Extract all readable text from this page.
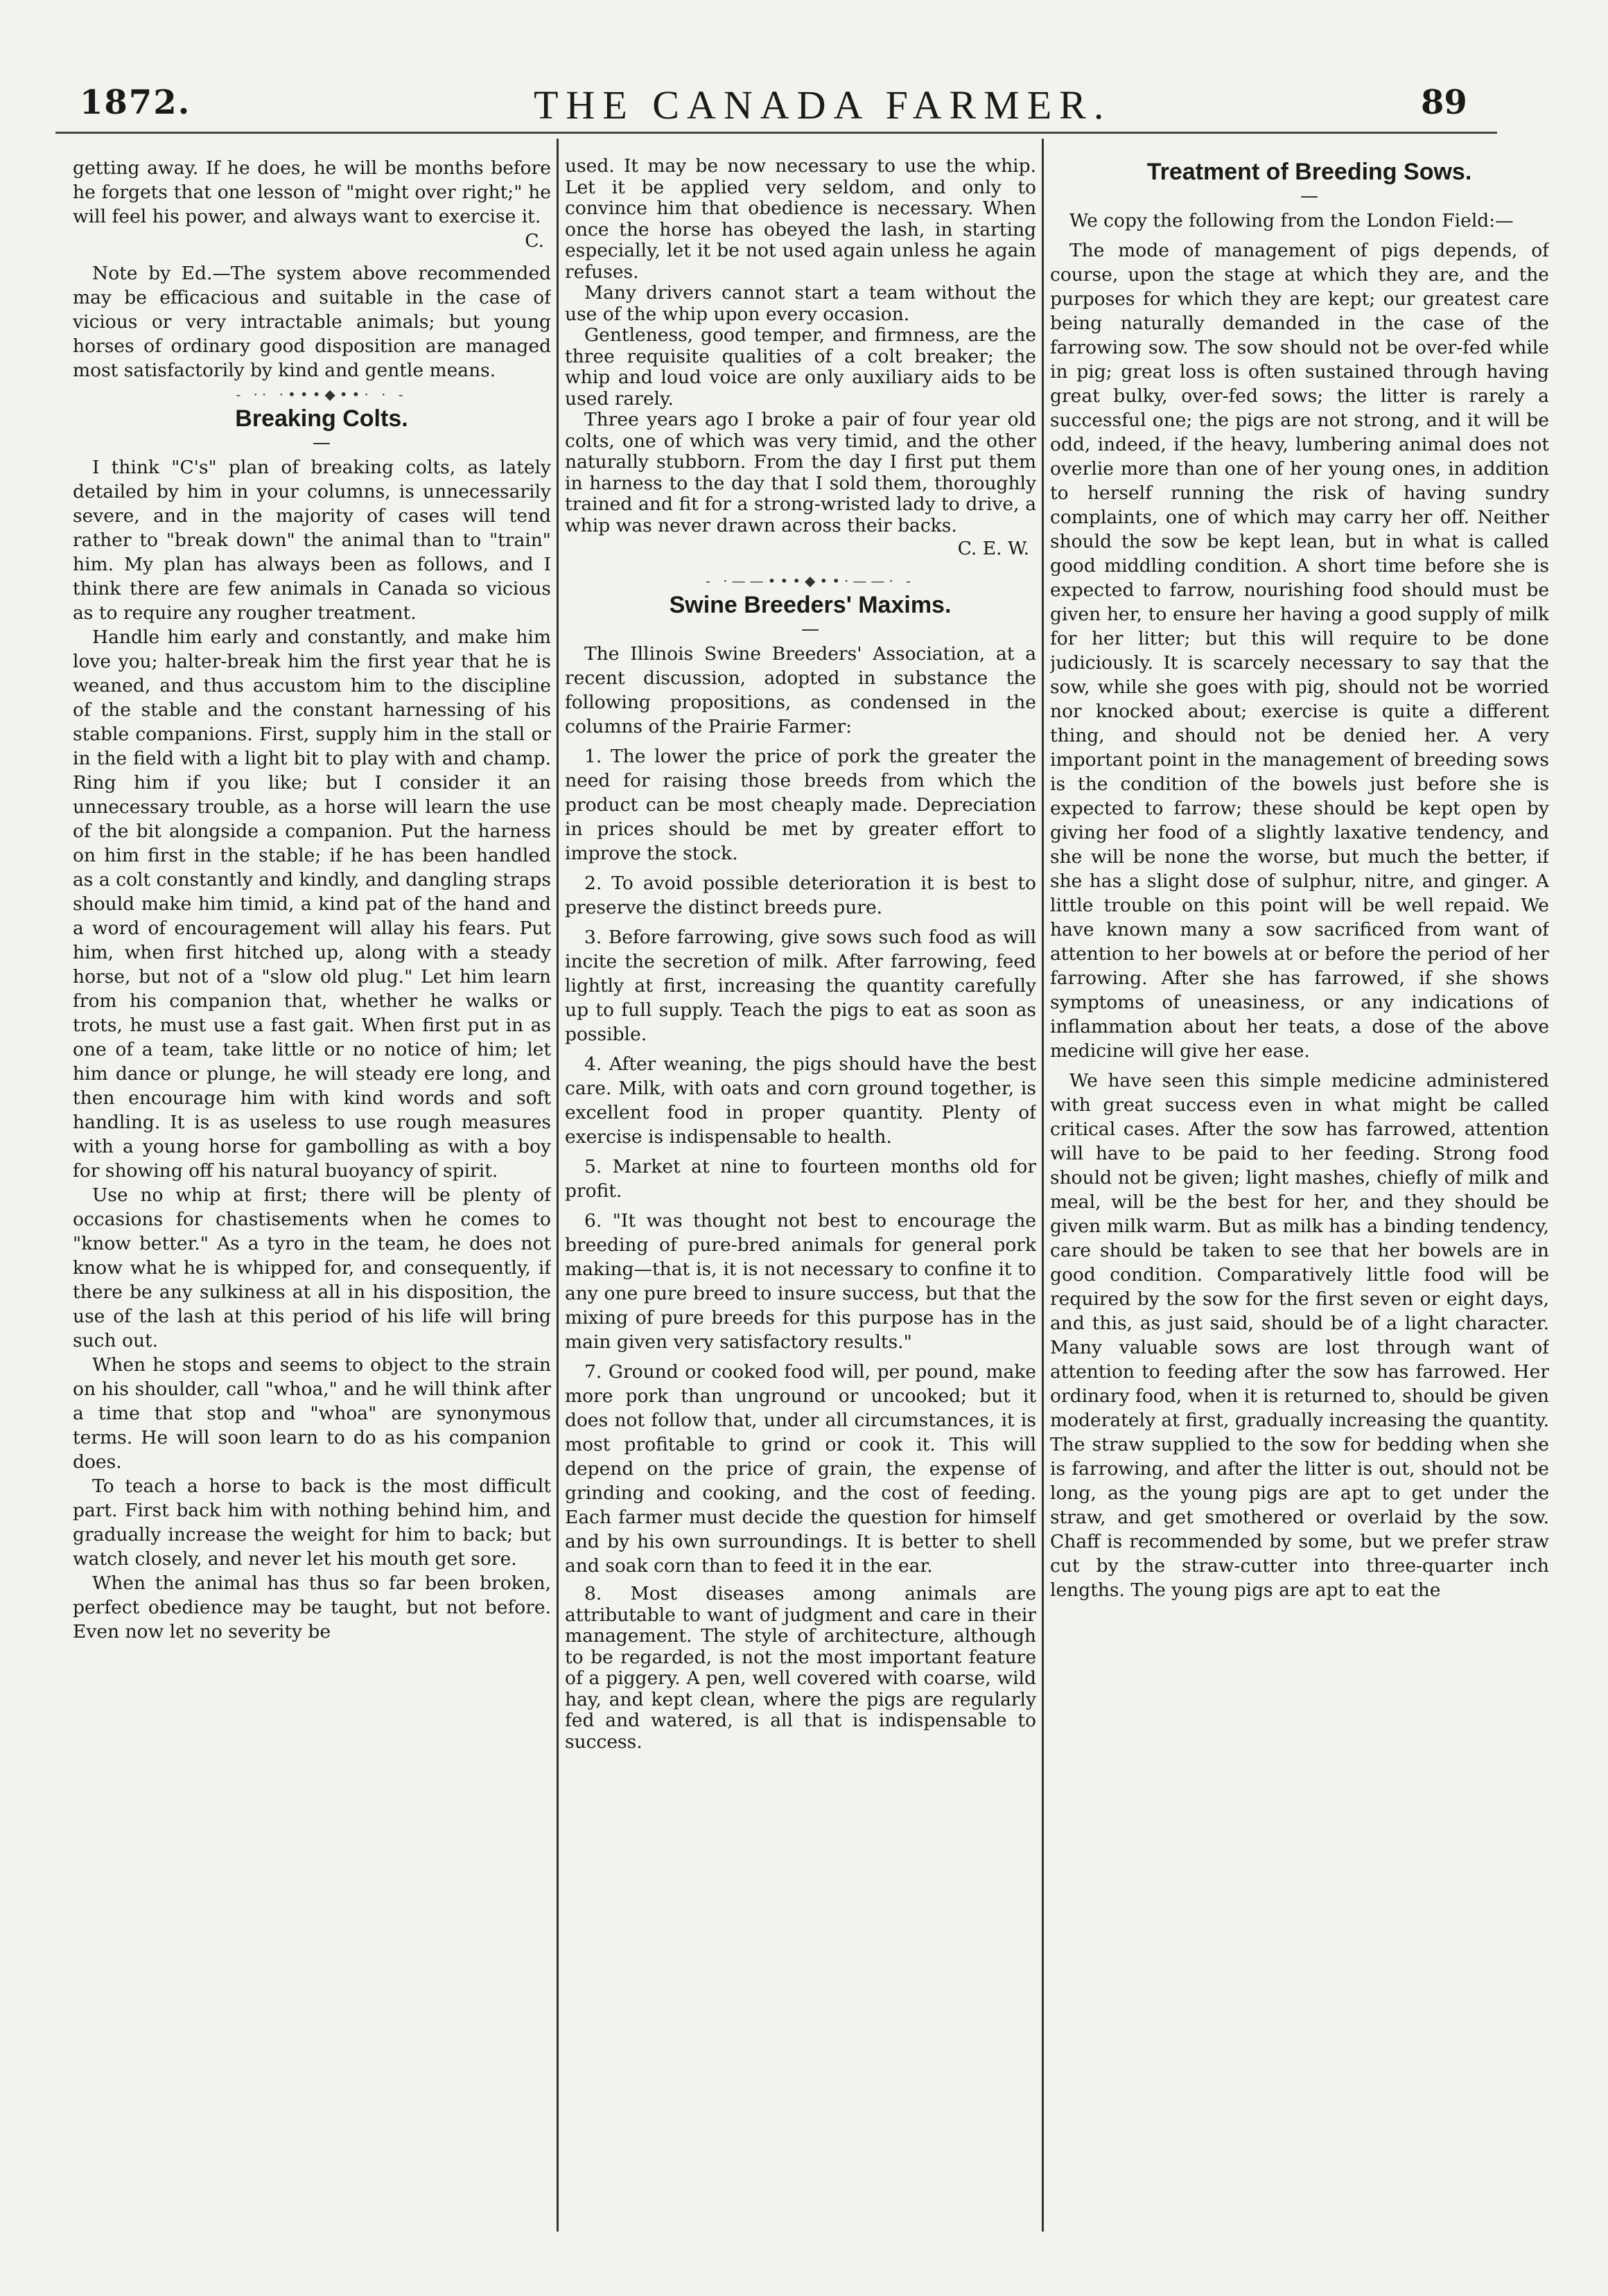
1872.	THE CANADA FARMER.	89

getting away. If he does, he will be months before he forgets that one lesson of "might over right;" he will feel his power, and always want to exercise it.

C.

Note by Ed.—The system above recommended may be efficacious and suitable in the case of vicious or very intractable animals; but young horses of ordinary good disposition are managed most satisfactorily by kind and gentle means.

- ·· ·•••◆••· · -

Breaking Colts.

—

I think "C's" plan of breaking colts, as lately detailed by him in your columns, is unnecessarily severe, and in the majority of cases will tend rather to "break down" the animal than to "train" him. My plan has always been as follows, and I think there are few animals in Canada so vicious as to require any rougher treatment.

Handle him early and constantly, and make him love you; halter-break him the first year that he is weaned, and thus accustom him to the discipline of the stable and the constant harnessing of his stable companions. First, supply him in the stall or in the field with a light bit to play with and champ. Ring him if you like; but I consider it an unnecessary trouble, as a horse will learn the use of the bit alongside a companion. Put the harness on him first in the stable; if he has been handled as a colt constantly and kindly, and dangling straps should make him timid, a kind pat of the hand and a word of encouragement will allay his fears. Put him, when first hitched up, along with a steady horse, but not of a "slow old plug." Let him learn from his companion that, whether he walks or trots, he must use a fast gait. When first put in as one of a team, take little or no notice of him; let him dance or plunge, he will steady ere long, and then encourage him with kind words and soft handling. It is as useless to use rough measures with a young horse for gambolling as with a boy for showing off his natural buoyancy of spirit.

Use no whip at first; there will be plenty of occasions for chastisements when he comes to "know better." As a tyro in the team, he does not know what he is whipped for, and consequently, if there be any sulkiness at all in his disposition, the use of the lash at this period of his life will bring such out.

When he stops and seems to object to the strain on his shoulder, call "whoa," and he will think after a time that stop and "whoa" are synonymous terms. He will soon learn to do as his companion does.

To teach a horse to back is the most difficult part. First back him with nothing behind him, and gradually increase the weight for him to back; but watch closely, and never let his mouth get sore.

When the animal has thus so far been broken, perfect obedience may be taught, but not before. Even now let no severity be

used. It may be now necessary to use the whip. Let it be applied very seldom, and only to convince him that obedience is necessary. When once the horse has obeyed the lash, in starting especially, let it be not used again unless he again refuses.

Many drivers cannot start a team without the use of the whip upon every occasion.

Gentleness, good temper, and firmness, are the three requisite qualities of a colt breaker; the whip and loud voice are only auxiliary aids to be used rarely.

Three years ago I broke a pair of four year old colts, one of which was very timid, and the other naturally stubborn. From the day I first put them in harness to the day that I sold them, thoroughly trained and fit for a strong-wristed lady to drive, a whip was never drawn across their backs.

C. E. W.

- ·——•••◆••·——· -

Swine Breeders' Maxims.

—

The Illinois Swine Breeders' Association, at a recent discussion, adopted in substance the following propositions, as condensed in the columns of the Prairie Farmer:

1. The lower the price of pork the greater the need for raising those breeds from which the product can be most cheaply made. Depreciation in prices should be met by greater effort to improve the stock.

2. To avoid possible deterioration it is best to preserve the distinct breeds pure.

3. Before farrowing, give sows such food as will incite the secretion of milk. After farrowing, feed lightly at first, increasing the quantity carefully up to full supply. Teach the pigs to eat as soon as possible.

4. After weaning, the pigs should have the best care. Milk, with oats and corn ground together, is excellent food in proper quantity. Plenty of exercise is indispensable to health.

5. Market at nine to fourteen months old for profit.

6. "It was thought not best to encourage the breeding of pure-bred animals for general pork making—that is, it is not necessary to confine it to any one pure breed to insure success, but that the mixing of pure breeds for this purpose has in the main given very satisfactory results."

7. Ground or cooked food will, per pound, make more pork than unground or uncooked; but it does not follow that, under all circumstances, it is most profitable to grind or cook it. This will depend on the price of grain, the expense of grinding and cooking, and the cost of feeding. Each farmer must decide the question for himself and by his own surroundings. It is better to shell and soak corn than to feed it in the ear.

8. Most diseases among animals are attributable to want of judgment and care in their management. The style of architecture, although to be regarded, is not the most important feature of a piggery. A pen, well covered with coarse, wild hay, and kept clean, where the pigs are regularly fed and watered, is all that is indispensable to success.

Treatment of Breeding Sows.

—

We copy the following from the London Field:—

The mode of management of pigs depends, of course, upon the stage at which they are, and the purposes for which they are kept; our greatest care being naturally demanded in the case of the farrowing sow. The sow should not be over-fed while in pig; great loss is often sustained through having great bulky, over-fed sows; the litter is rarely a successful one; the pigs are not strong, and it will be odd, indeed, if the heavy, lumbering animal does not overlie more than one of her young ones, in addition to herself running the risk of having sundry complaints, one of which may carry her off. Neither should the sow be kept lean, but in what is called good middling condition. A short time before she is expected to farrow, nourishing food should must be given her, to ensure her having a good supply of milk for her litter; but this will require to be done judiciously. It is scarcely necessary to say that the sow, while she goes with pig, should not be worried nor knocked about; exercise is quite a different thing, and should not be denied her. A very important point in the management of breeding sows is the condition of the bowels just before she is expected to farrow; these should be kept open by giving her food of a slightly laxative tendency, and she will be none the worse, but much the better, if she has a slight dose of sulphur, nitre, and ginger. A little trouble on this point will be well repaid. We have known many a sow sacrificed from want of attention to her bowels at or before the period of her farrowing. After she has farrowed, if she shows symptoms of uneasiness, or any indications of inflammation about her teats, a dose of the above medicine will give her ease.

We have seen this simple medicine administered with great success even in what might be called critical cases. After the sow has farrowed, attention will have to be paid to her feeding. Strong food should not be given; light mashes, chiefly of milk and meal, will be the best for her, and they should be given milk warm. But as milk has a binding tendency, care should be taken to see that her bowels are in good condition. Comparatively little food will be required by the sow for the first seven or eight days, and this, as just said, should be of a light character. Many valuable sows are lost through want of attention to feeding after the sow has farrowed. Her ordinary food, when it is returned to, should be given moderately at first, gradually increasing the quantity. The straw supplied to the sow for bedding when she is farrowing, and after the litter is out, should not be long, as the young pigs are apt to get under the straw, and get smothered or overlaid by the sow. Chaff is recommended by some, but we prefer straw cut by the straw-cutter into three-quarter inch lengths. The young pigs are apt to eat the
